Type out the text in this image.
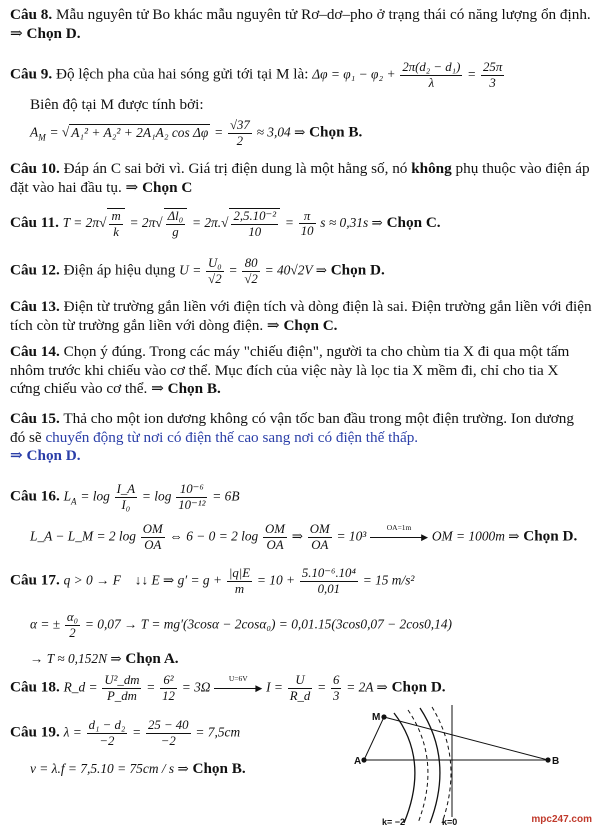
Câu 8. Mẫu nguyên tử Bo khác mẫu nguyên tử Rơ–dơ–pho ở trạng thái có năng lượng ổn định. ⇒ Chọn D.
Câu 9. Độ lệch pha của hai sóng gửi tới tại M là: $\Delta\varphi = \varphi_1 - \varphi_2 + \frac{\text{2π(d₂ − d₁)}}{\lambda} = \frac{25\pi}{3}$
Biên độ tại M được tính bởi:
$A_M$ = √ A₁² + A₂² + 2A₁A₂ $\cos \Delta\varphi = \frac{√37}{2} \approx 3,04$ ⇒ Chọn B.
Câu 10. Đáp án C sai bởi vì. Giá trị điện dung là một hằng số, nó không phụ thuộc vào điện áp đặt vào hai đầu tụ. ⇒ Chọn C
Câu 11. $T = 2\pi√ \frac{m}{k} = 2\pi√ \frac{\text{Δl₀}}{g} = 2\pi.√ \frac{\text{2,5.10⁻²}}{10} = \frac{\pi}{10}$ s ≈ 0,31s ⇒ Chọn C.
Câu 12. Điện áp hiệu dụng $U = \frac{\text{U₀}}{√2} = \frac{80}{√2} = 40√2V$ ⇒ Chọn D.
Câu 13. Điện từ trường gắn liền với điện tích và dòng điện là sai. Điện trường gắn liền với điện tích còn từ trường gắn liền với dòng điện. ⇒ Chọn C.
Câu 14. Chọn ý đúng. Trong các máy "chiếu điện", người ta cho chùm tia X đi qua một tấm nhôm trước khi chiếu vào cơ thể. Mục đích của việc này là lọc tia X mềm đi, chỉ cho tia X cứng chiếu vào cơ thể. ⇒ Chọn B.
Câu 15. Thả cho một ion dương không có vận tốc ban đầu trong một điện trường. Ion dương đó sẽ chuyển động từ nơi có điện thế cao sang nơi có điện thế thấp.
⇒ Chọn D.
Câu 16. $L_A = \log \frac{I\_A}{\text{I₀}} = \log \frac{\text{10⁻⁶}}{\text{10⁻¹²}} = 6B$
L_A − L_M = 2 $\log \frac{OM}{OA}$ ⇔ 6 − 0 = 2 $\log \frac{OM}{OA}$ ⇒ $\frac{OM}{OA} = 10^3$
OA=1m
▶ OM = 1000m ⇒ Chọn D.
Câu 17. q > 0 → F⃗ ↓↓ E ⇒ $g' = g + \frac{|q|E}{m} = 10 + \frac{\text{5.10⁻⁶.10⁴}}{0,01} = 15$ m/s²
α = ± $\frac{\text{α₀}}{2} = 0,07 \to T = mg'(3\cos\alpha - 2\cos\alpha_0) = 0,01.15(3\cos 0,07 - 2\cos 0,14)$
→ T ≈ 0,152N ⇒ Chọn A.
Câu 18. R_d = $\frac{\text{U²\_dm}}{P\_dm} = \frac{\text{6²}}{12} = 3\Omega$
U=6V
▶ $I = \frac{U}{R\_d} = \frac{6}{3} = 2A$ ⇒ Chọn D.
Câu 19. $\lambda = \frac{\text{d₁ − d₂}}{-2} = \frac{25 - 40}{-2} = 7,5cm$
v = λ.f = 7,5.10 = 75cm / s ⇒ Chọn B.
M
A	B
k= −2	k=0	mpc247.com
